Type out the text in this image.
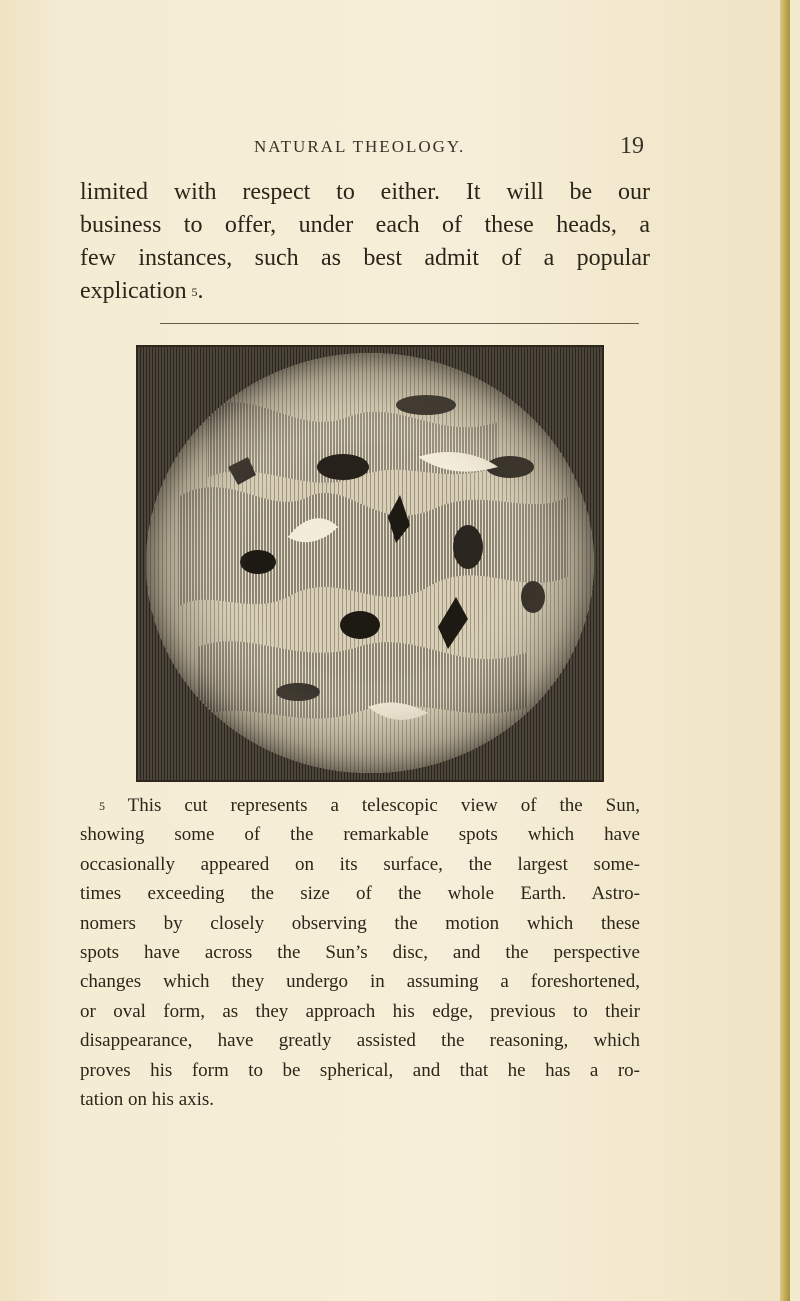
NATURAL THEOLOGY.	19
limited with respect to either. It will be our
business to offer, under each of these heads, a
few instances, such as best admit of a popular
explication  $^5$.
 $^5$ This cut represents a telescopic view of the Sun,
showing some of the remarkable spots which have
occasionally appeared on its surface, the largest some-
times exceeding the size of the whole Earth. Astro-
nomers by closely observing the motion which these
spots have across the Sun’s disc, and the perspective
changes which they undergo in assuming a foreshortened,
or oval form, as they approach his edge, previous to their
disappearance, have greatly assisted the reasoning, which
proves his form to be spherical, and that he has a ro-
tation on his axis.
